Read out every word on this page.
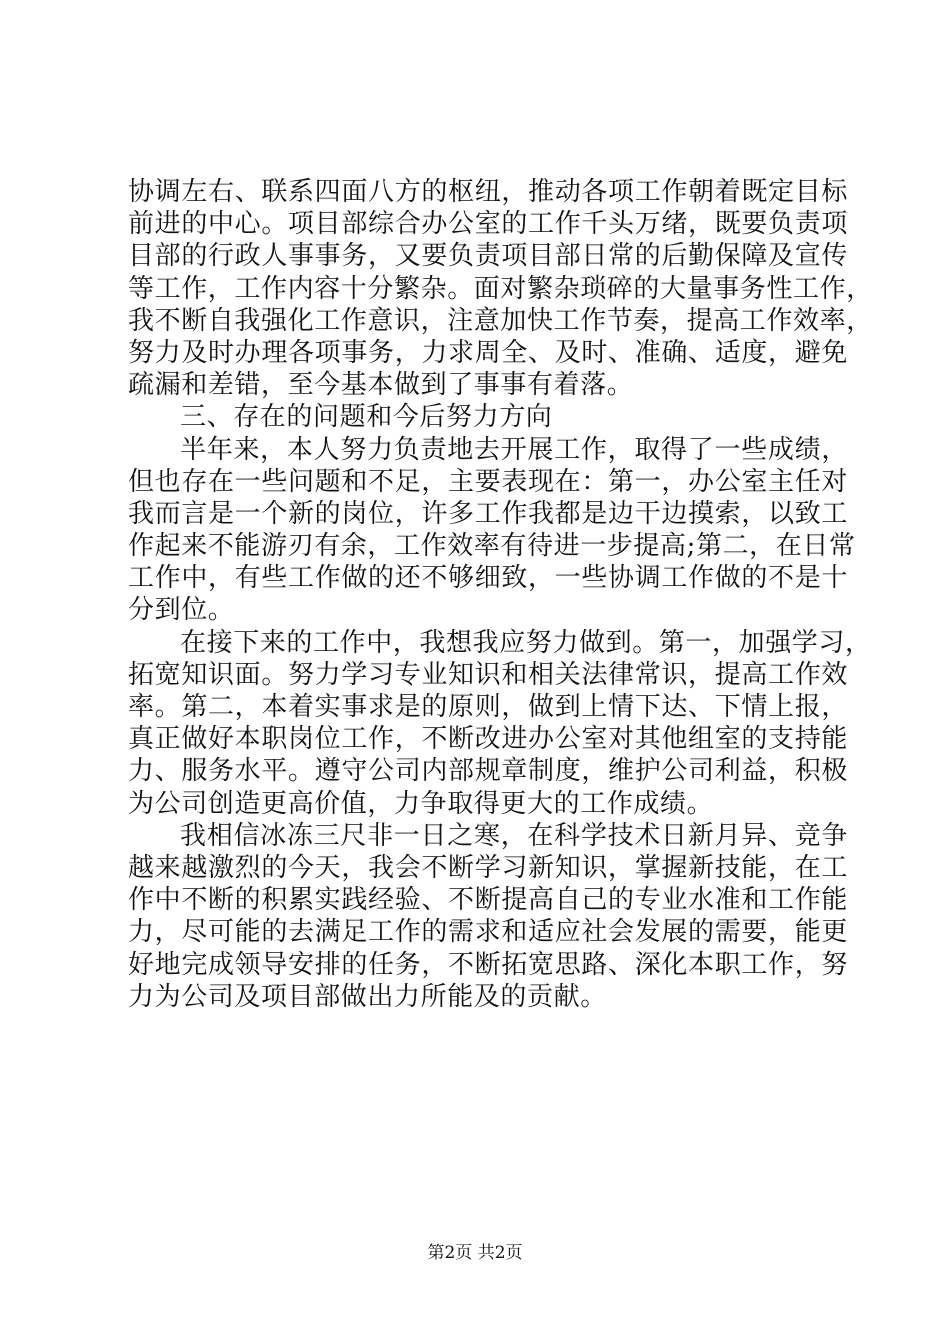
协调左右、联系四面八方的枢纽，推动各项工作朝着既定目标
前进的中心。项目部综合办公室的工作千头万绪，既要负责项
目部的行政人事事务，又要负责项目部日常的后勤保障及宣传
等工作，工作内容十分繁杂。面对繁杂琐碎的大量事务性工作，
我不断自我强化工作意识，注意加快工作节奏，提高工作效率，
努力及时办理各项事务，力求周全、及时、准确、适度，避免
疏漏和差错，至今基本做到了事事有着落。
三、存在的问题和今后努力方向
半年来，本人努力负责地去开展工作，取得了一些成绩，
但也存在一些问题和不足，主要表现在：第一，办公室主任对
我而言是一个新的岗位，许多工作我都是边干边摸索，以致工
作起来不能游刃有余，工作效率有待进一步提高;第二，在日常
工作中，有些工作做的还不够细致，一些协调工作做的不是十
分到位。
在接下来的工作中，我想我应努力做到。第一，加强学习，
拓宽知识面。努力学习专业知识和相关法律常识，提高工作效
率。第二，本着实事求是的原则，做到上情下达、下情上报，
真正做好本职岗位工作，不断改进办公室对其他组室的支持能
力、服务水平。遵守公司内部规章制度，维护公司利益，积极
为公司创造更高价值，力争取得更大的工作成绩。
我相信冰冻三尺非一日之寒，在科学技术日新月异、竞争
越来越激烈的今天，我会不断学习新知识，掌握新技能，在工
作中不断的积累实践经验、不断提高自己的专业水准和工作能
力，尽可能的去满足工作的需求和适应社会发展的需要，能更
好地完成领导安排的任务，不断拓宽思路、深化本职工作，努
力为公司及项目部做出力所能及的贡献。
第2页 共2页
